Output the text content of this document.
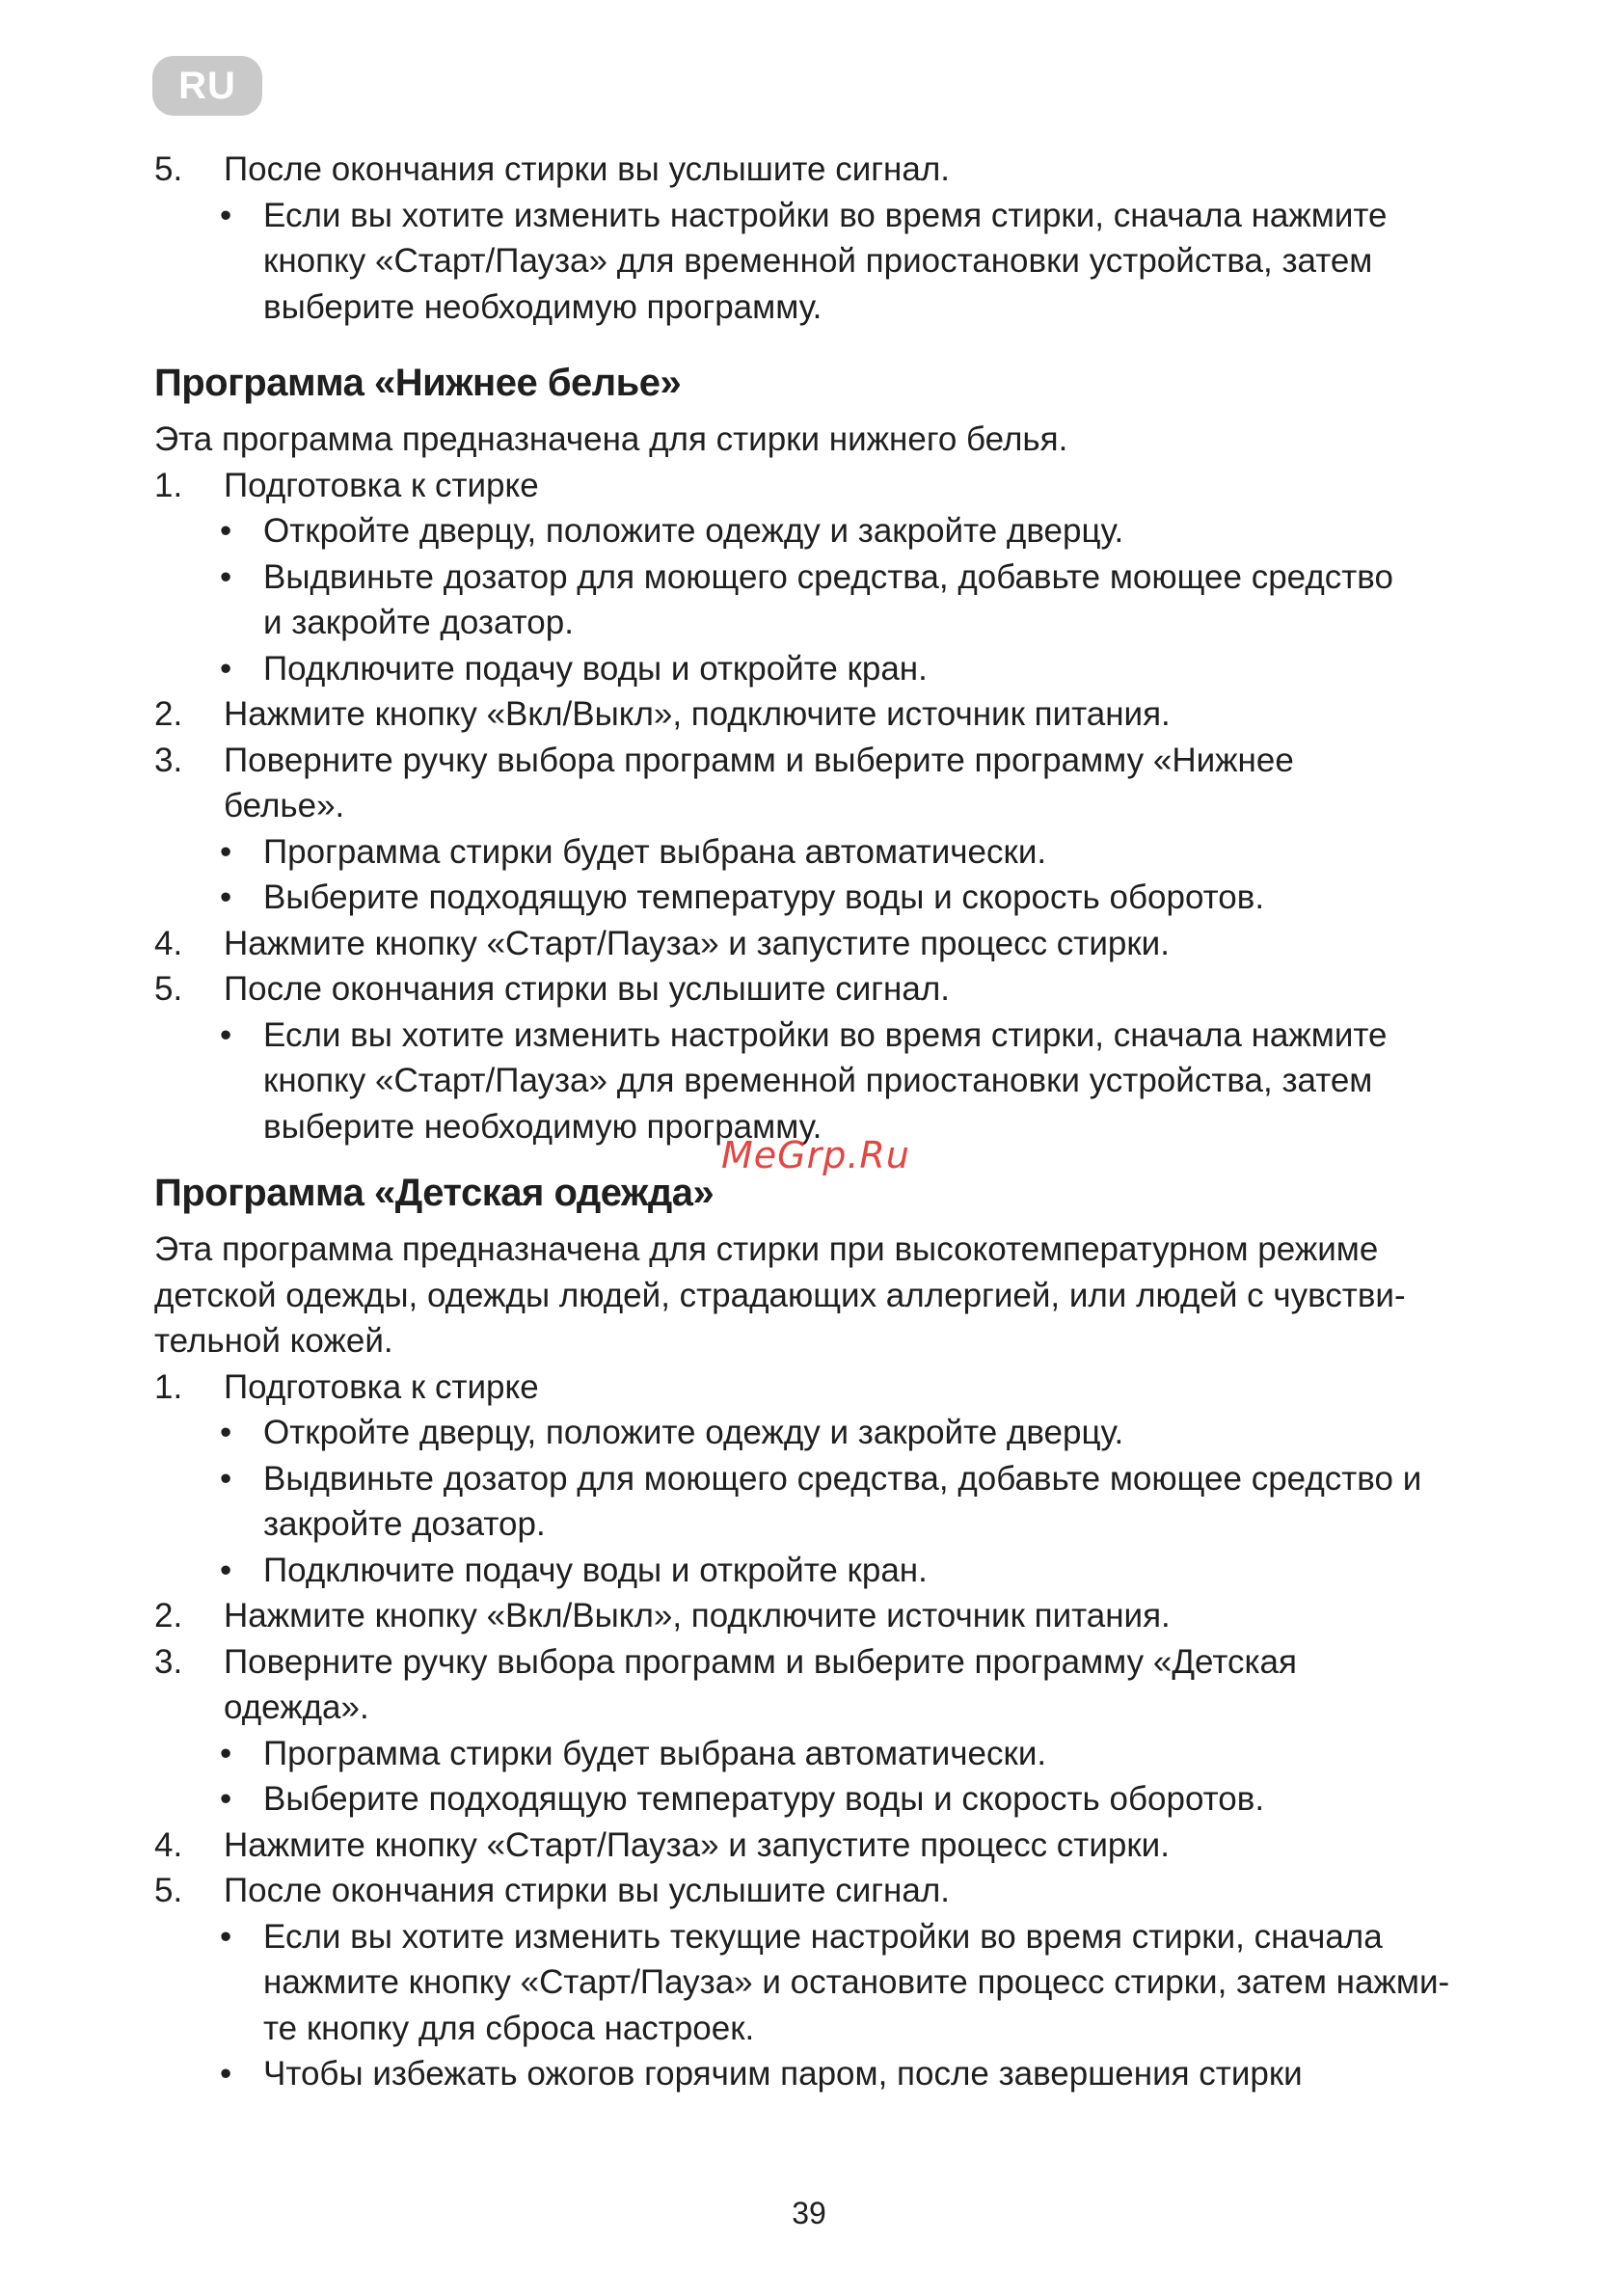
RU
5.	После окончания стирки вы услышите сигнал.
• Если вы хотите изменить настройки во время стирки, сначала нажмите
кнопку «Старт/Пауза» для временной приостановки устройства, затем
выберите необходимую программу.
Программа «Нижнее белье»
Эта программа предназначена для стирки нижнего белья.
1.	Подготовка к стирке
• Откройте дверцу, положите одежду и закройте дверцу.
• Выдвиньте дозатор для моющего средства, добавьте моющее средство
и закройте дозатор.
• Подключите подачу воды и откройте кран.
2.	Нажмите кнопку «Вкл/Выкл», подключите источник питания.
3.	Поверните ручку выбора программ и выберите программу «Нижнее
белье».
• Программа стирки будет выбрана автоматически.
• Выберите подходящую температуру воды и скорость оборотов.
4.	Нажмите кнопку «Старт/Пауза» и запустите процесс стирки.
5.	После окончания стирки вы услышите сигнал.
• Если вы хотите изменить настройки во время стирки, сначала нажмите
кнопку «Старт/Пауза» для временной приостановки устройства, затем
выберите необходимую программу.
Программа «Детская одежда»
Эта программа предназначена для стирки при высокотемпературном режиме
детской одежды, одежды людей, страдающих аллергией, или людей с чувстви-
тельной кожей.
1.	Подготовка к стирке
• Откройте дверцу, положите одежду и закройте дверцу.
• Выдвиньте дозатор для моющего средства, добавьте моющее средство и
закройте дозатор.
• Подключите подачу воды и откройте кран.
2.	Нажмите кнопку «Вкл/Выкл», подключите источник питания.
3.	Поверните ручку выбора программ и выберите программу «Детская
одежда».
• Программа стирки будет выбрана автоматически.
• Выберите подходящую температуру воды и скорость оборотов.
4.	Нажмите кнопку «Старт/Пауза» и запустите процесс стирки.
5.	После окончания стирки вы услышите сигнал.
• Если вы хотите изменить текущие настройки во время стирки, сначала
нажмите кнопку «Старт/Пауза» и остановите процесс стирки, затем нажми-
те кнопку для сброса настроек.
• Чтобы избежать ожогов горячим паром, после завершения стирки
MeGrp.Ru
39
